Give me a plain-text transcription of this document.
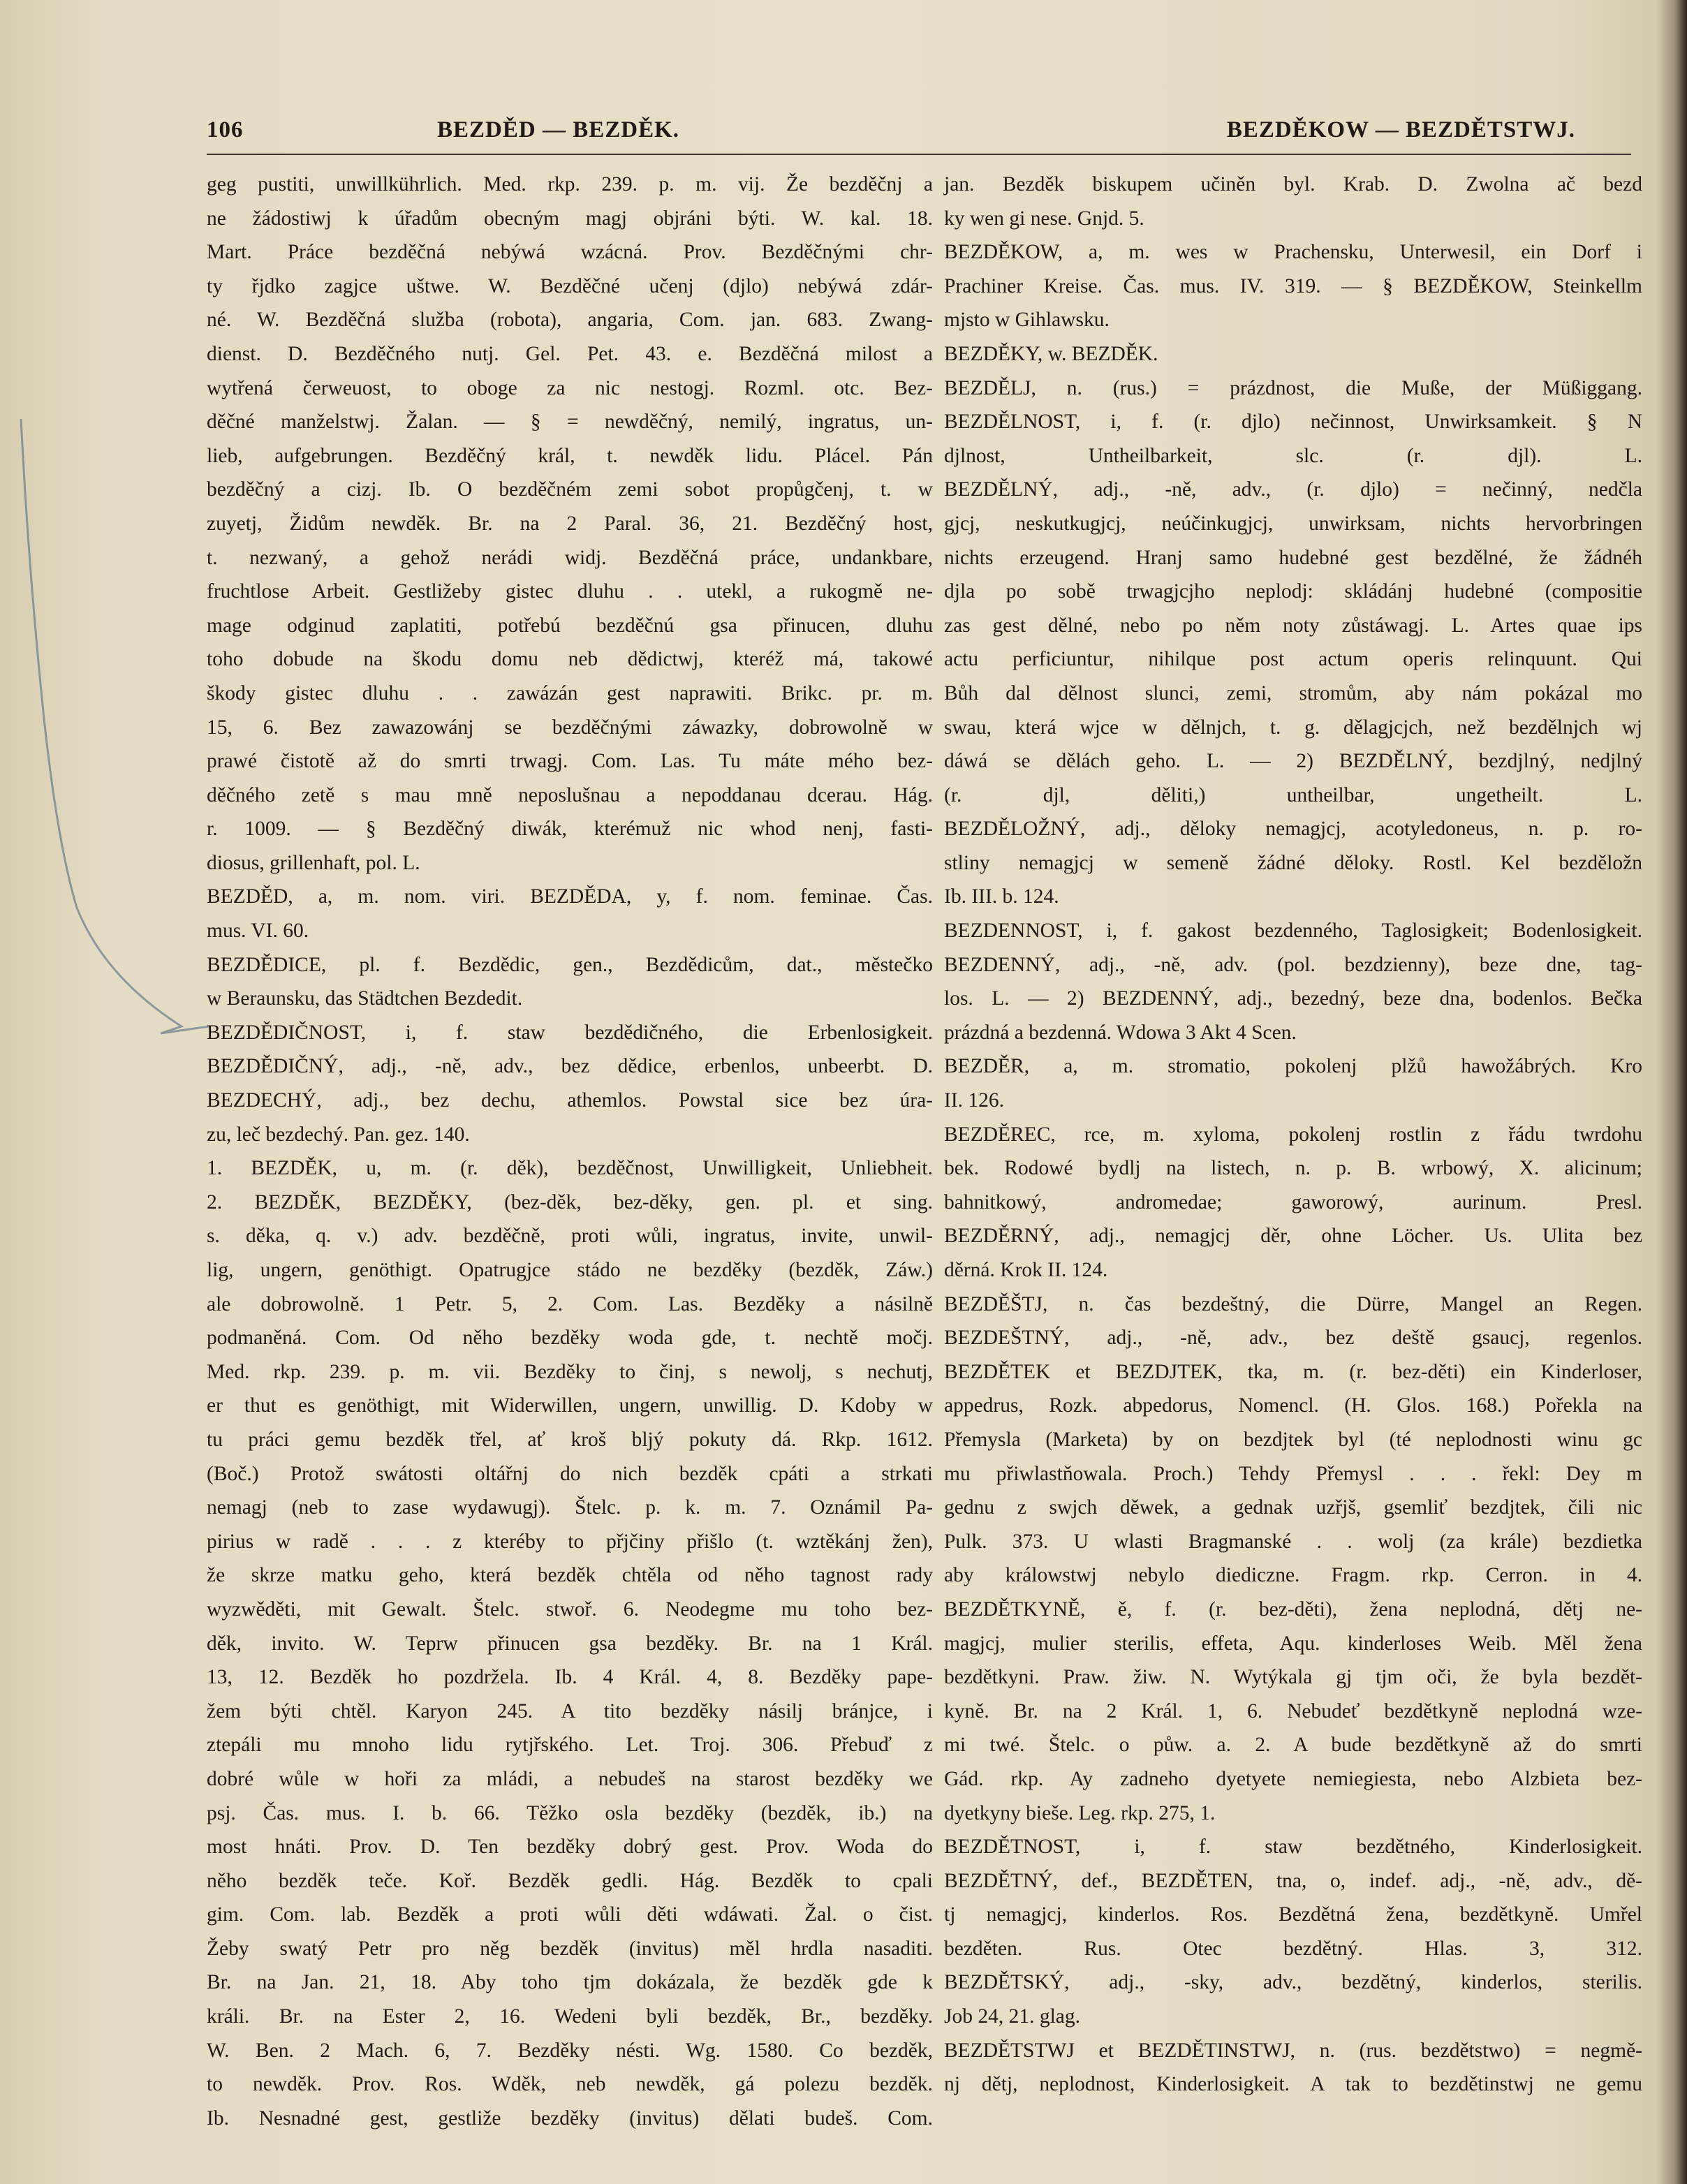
106	BEZDĚD — BEZDĚK.	BEZDĚKOW — BEZDĚTSTWJ.

geg pustiti, unwillkührlich. Med. rkp. 239. p. m. vij. Že bezděčnj a

ne žádostiwj k úřadům obecným magj objráni býti. W. kal. 18.

Mart. Práce bezděčná nebýwá wzácná. Prov. Bezděčnými chr-

ty řjdko zagjce uštwe. W. Bezděčné učenj (djlo) nebýwá zdár-

né. W. Bezděčná služba (robota), angaria, Com. jan. 683. Zwang-

dienst. D. Bezděčného nutj. Gel. Pet. 43. e. Bezděčná milost a

wytřená čerweuost, to oboge za nic nestogj. Rozml. otc. Bez-

děčné manželstwj. Žalan. — § = newděčný, nemilý, ingratus, un-

lieb, aufgebrungen. Bezděčný král, t. newděk lidu. Plácel. Pán

bezděčný a cizj. Ib. O bezděčném zemi sobot propůgčenj, t. w

zuyetj, Židům newděk. Br. na 2 Paral. 36, 21. Bezděčný host,

t. nezwaný, a gehož nerádi widj. Bezděčná práce, undankbare,

fruchtlose Arbeit. Gestližeby gistec dluhu . . utekl, a rukogmě ne-

mage odginud zaplatiti, potřebú bezděčnú gsa přinucen, dluhu

toho dobude na škodu domu neb dědictwj, kteréž má, takowé

škody gistec dluhu . . zawázán gest naprawiti. Brikc. pr. m.

15, 6. Bez zawazowánj se bezděčnými záwazky, dobrowolně w

prawé čistotě až do smrti trwagj. Com. Las. Tu máte mého bez-

děčného zetě s mau mně neposlušnau a nepoddanau dcerau. Hág.

r. 1009. — § Bezděčný diwák, kterémuž nic whod nenj, fasti-

diosus, grillenhaft, pol. L.

BEZDĚD, a, m. nom. viri. BEZDĚDA, y, f. nom. feminae. Čas.

mus. VI. 60.

BEZDĚDICE, pl. f. Bezdědic, gen., Bezdědicům, dat., městečko

w Beraunsku, das Städtchen Bezdedit.

BEZDĚDIČNOST, i, f. staw bezdědičného, die Erbenlosigkeit.

BEZDĚDIČNÝ, adj., -ně, adv., bez dědice, erbenlos, unbeerbt. D.

BEZDECHÝ, adj., bez dechu, athemlos. Powstal sice bez úra-

zu, leč bezdechý. Pan. gez. 140.

1. BEZDĚK, u, m. (r. děk), bezděčnost, Unwilligkeit, Unliebheit.

2. BEZDĚK, BEZDĚKY, (bez-děk, bez-děky, gen. pl. et sing.

s. děka, q. v.) adv. bezděčně, proti wůli, ingratus, invite, unwil-

lig, ungern, genöthigt. Opatrugjce stádo ne bezděky (bezděk, Záw.)

ale dobrowolně. 1 Petr. 5, 2. Com. Las. Bezděky a násilně

podmaněná. Com. Od něho bezděky woda gde, t. nechtě močj.

Med. rkp. 239. p. m. vii. Bezděky to činj, s newolj, s nechutj,

er thut es genöthigt, mit Widerwillen, ungern, unwillig. D. Kdoby w

tu práci gemu bezděk třel, ať kroš bljý pokuty dá. Rkp. 1612.

(Boč.) Protož swátosti oltářnj do nich bezděk cpáti a strkati

nemagj (neb to zase wydawugj). Štelc. p. k. m. 7. Oznámil Pa-

pirius w radě . . . z kteréby to přjčiny přišlo (t. wztěkánj žen),

že skrze matku geho, která bezděk chtěla od něho tagnost rady

wyzwěděti, mit Gewalt. Štelc. stwoř. 6. Neodegme mu toho bez-

děk, invito. W. Teprw přinucen gsa bezděky. Br. na 1 Král.

13, 12. Bezděk ho pozdržela. Ib. 4 Král. 4, 8. Bezděky pape-

žem býti chtěl. Karyon 245. A tito bezděky násilj bránjce, i

ztepáli mu mnoho lidu rytjřského. Let. Troj. 306. Přebuď z

dobré wůle w hoři za mládi, a nebudeš na starost bezděky we

psj. Čas. mus. I. b. 66. Těžko osla bezděky (bezděk, ib.) na

most hnáti. Prov. D. Ten bezděky dobrý gest. Prov. Woda do

něho bezděk teče. Koř. Bezděk gedli. Hág. Bezděk to cpali

gim. Com. lab. Bezděk a proti wůli děti wdáwati. Žal. o čist.

Žeby swatý Petr pro něg bezděk (invitus) měl hrdla nasaditi.

Br. na Jan. 21, 18. Aby toho tjm dokázala, že bezděk gde k

králi. Br. na Ester 2, 16. Wedeni byli bezděk, Br., bezděky.

W. Ben. 2 Mach. 6, 7. Bezděky nésti. Wg. 1580. Co bezděk,

to newděk. Prov. Ros. Wděk, neb newděk, gá polezu bezděk.

Ib. Nesnadné gest, gestliže bezděky (invitus) dělati budeš. Com.

jan. Bezděk biskupem učiněn byl. Krab. D. Zwolna ač bezd

ky wen gi nese. Gnjd. 5.

BEZDĚKOW, a, m. wes w Prachensku, Unterwesil, ein Dorf i

Prachiner Kreise. Čas. mus. IV. 319. — § BEZDĚKOW, Steinkellm

mjsto w Gihlawsku.

BEZDĚKY, w. BEZDĚK.

BEZDĚLJ, n. (rus.) = prázdnost, die Muße, der Müßiggang.

BEZDĚLNOST, i, f. (r. djlo) nečinnost, Unwirksamkeit. § N

djlnost, Untheilbarkeit, slc. (r. djl). L.

BEZDĚLNÝ, adj., -ně, adv., (r. djlo) = nečinný, nedčla

gjcj, neskutkugjcj, neúčinkugjcj, unwirksam, nichts hervorbringen

nichts erzeugend. Hranj samo hudebné gest bezdělné, že žádnéh

djla po sobě trwagjcjho neplodj: skládánj hudebné (compositie

zas gest dělné, nebo po něm noty zůstáwagj. L. Artes quae ips

actu perficiuntur, nihilque post actum operis relinquunt. Qui

Bůh dal dělnost slunci, zemi, stromům, aby nám pokázal mo

swau, která wjce w dělnjch, t. g. dělagjcjch, než bezdělnjch wj

dáwá se dělách geho. L. — 2) BEZDĚLNÝ, bezdjlný, nedjlný

(r. djl, děliti,) untheilbar, ungetheilt. L.

BEZDĚLOŽNÝ, adj., děloky nemagjcj, acotyledoneus, n. p. ro-

stliny nemagjcj w semeně žádné děloky. Rostl. Kel bezděložn

Ib. III. b. 124.

BEZDENNOST, i, f. gakost bezdenného, Taglosigkeit; Bodenlosigkeit.

BEZDENNÝ, adj., -ně, adv. (pol. bezdzienny), beze dne, tag-

los. L. — 2) BEZDENNÝ, adj., bezedný, beze dna, bodenlos. Bečka

prázdná a bezdenná. Wdowa 3 Akt 4 Scen.

BEZDĚR, a, m. stromatio, pokolenj plžů hawožábrých. Kro

II. 126.

BEZDĚREC, rce, m. xyloma, pokolenj rostlin z řádu twrdohu

bek. Rodowé bydlj na listech, n. p. B. wrbowý, X. alicinum;

bahnitkowý, andromedae; gaworowý, aurinum. Presl.

BEZDĚRNÝ, adj., nemagjcj děr, ohne Löcher. Us. Ulita bez

děrná. Krok II. 124.

BEZDĚŠTJ, n. čas bezdeštný, die Dürre, Mangel an Regen.

BEZDEŠTNÝ, adj., -ně, adv., bez deště gsaucj, regenlos.

BEZDĚTEK et BEZDJTEK, tka, m. (r. bez-děti) ein Kinderloser,

appedrus, Rozk. abpedorus, Nomencl. (H. Glos. 168.) Pořekla na

Přemysla (Marketa) by on bezdjtek byl (té neplodnosti winu gc

mu přiwlastňowala. Proch.) Tehdy Přemysl . . . řekl: Dey m

gednu z swjch děwek, a gednak uzřjš, gsemliť bezdjtek, čili nic

Pulk. 373. U wlasti Bragmanské . . wolj (za krále) bezdietka

aby králowstwj nebylo diediczne. Fragm. rkp. Cerron. in 4.

BEZDĚTKYNĚ, ě, f. (r. bez-děti), žena neplodná, dětj ne-

magjcj, mulier sterilis, effeta, Aqu. kinderloses Weib. Měl žena

bezdětkyni. Praw. žiw. N. Wytýkala gj tjm oči, že byla bezdět-

kyně. Br. na 2 Král. 1, 6. Nebudeť bezdětkyně neplodná wze-

mi twé. Štelc. o půw. a. 2. A bude bezdětkyně až do smrti

Gád. rkp. Ay zadneho dyetyete nemiegiesta, nebo Alzbieta bez-

dyetkyny bieše. Leg. rkp. 275, 1.

BEZDĚTNOST, i, f. staw bezdětného, Kinderlosigkeit.

BEZDĚTNÝ, def., BEZDĚTEN, tna, o, indef. adj., -ně, adv., dě-

tj nemagjcj, kinderlos. Ros. Bezdětná žena, bezdětkyně. Umřel

bezděten. Rus. Otec bezdětný. Hlas. 3, 312.

BEZDĚTSKÝ, adj., -sky, adv., bezdětný, kinderlos, sterilis.

Job 24, 21. glag.

BEZDĚTSTWJ et BEZDĚTINSTWJ, n. (rus. bezdětstwo) = negmě-

nj dětj, neplodnost, Kinderlosigkeit. A tak to bezdětinstwj ne gemu
